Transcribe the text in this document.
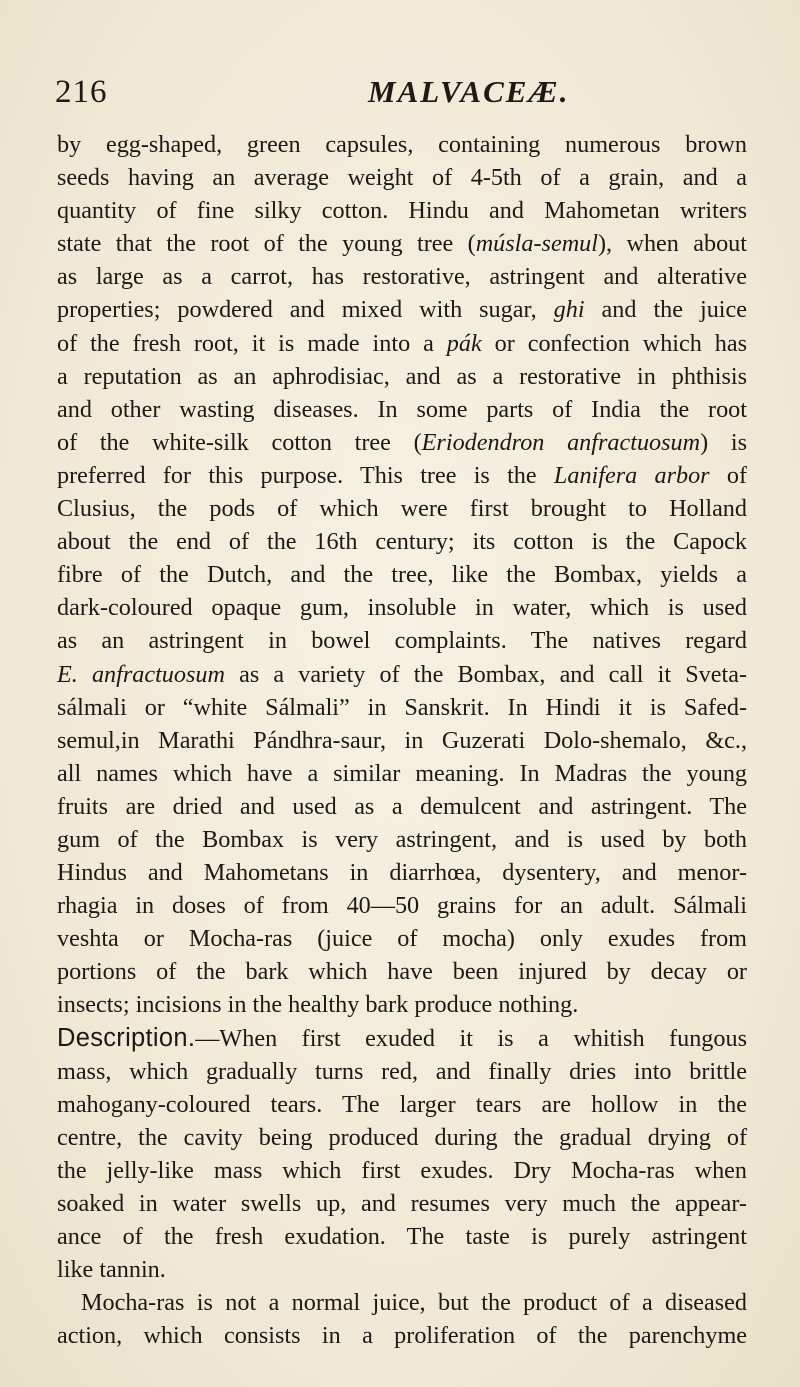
216	MALVACEÆ.
by egg-shaped, green capsules, containing numerous brown
seeds having an average weight of 4-5th of a grain, and a
quantity of fine silky cotton. Hindu and Mahometan writers
state that the root of the young tree (músla-semul), when about
as large as a carrot, has restorative, astringent and alterative
properties; powdered and mixed with sugar, ghi and the juice
of the fresh root, it is made into a pák or confection which has
a reputation as an aphrodisiac, and as a restorative in phthisis
and other wasting diseases. In some parts of India the root
of the white-silk cotton tree (Eriodendron anfractuosum) is
preferred for this purpose. This tree is the Lanifera arbor of
Clusius, the pods of which were first brought to Holland
about the end of the 16th century; its cotton is the Capock
fibre of the Dutch, and the tree, like the Bombax, yields a
dark-coloured opaque gum, insoluble in water, which is used
as an astringent in bowel complaints. The natives regard
E. anfractuosum as a variety of the Bombax, and call it Sveta-
sálmali or “white Sálmali” in Sanskrit. In Hindi it is Safed-
semul,in Marathi Pándhra-saur, in Guzerati Dolo-shemalo, &c.,
all names which have a similar meaning. In Madras the young
fruits are dried and used as a demulcent and astringent. The
gum of the Bombax is very astringent, and is used by both
Hindus and Mahometans in diarrhœa, dysentery, and menor-
rhagia in doses of from 40—50 grains for an adult. Sálmali
veshta or Mocha-ras (juice of mocha) only exudes from
portions of the bark which have been injured by decay or
insects; incisions in the healthy bark produce nothing.
Description.—When first exuded it is a whitish fungous
mass, which gradually turns red, and finally dries into brittle
mahogany-coloured tears. The larger tears are hollow in the
centre, the cavity being produced during the gradual drying of
the jelly-like mass which first exudes. Dry Mocha-ras when
soaked in water swells up, and resumes very much the appear-
ance of the fresh exudation. The taste is purely astringent
like tannin.
Mocha-ras is not a normal juice, but the product of a diseased
action, which consists in a proliferation of the parenchyme
